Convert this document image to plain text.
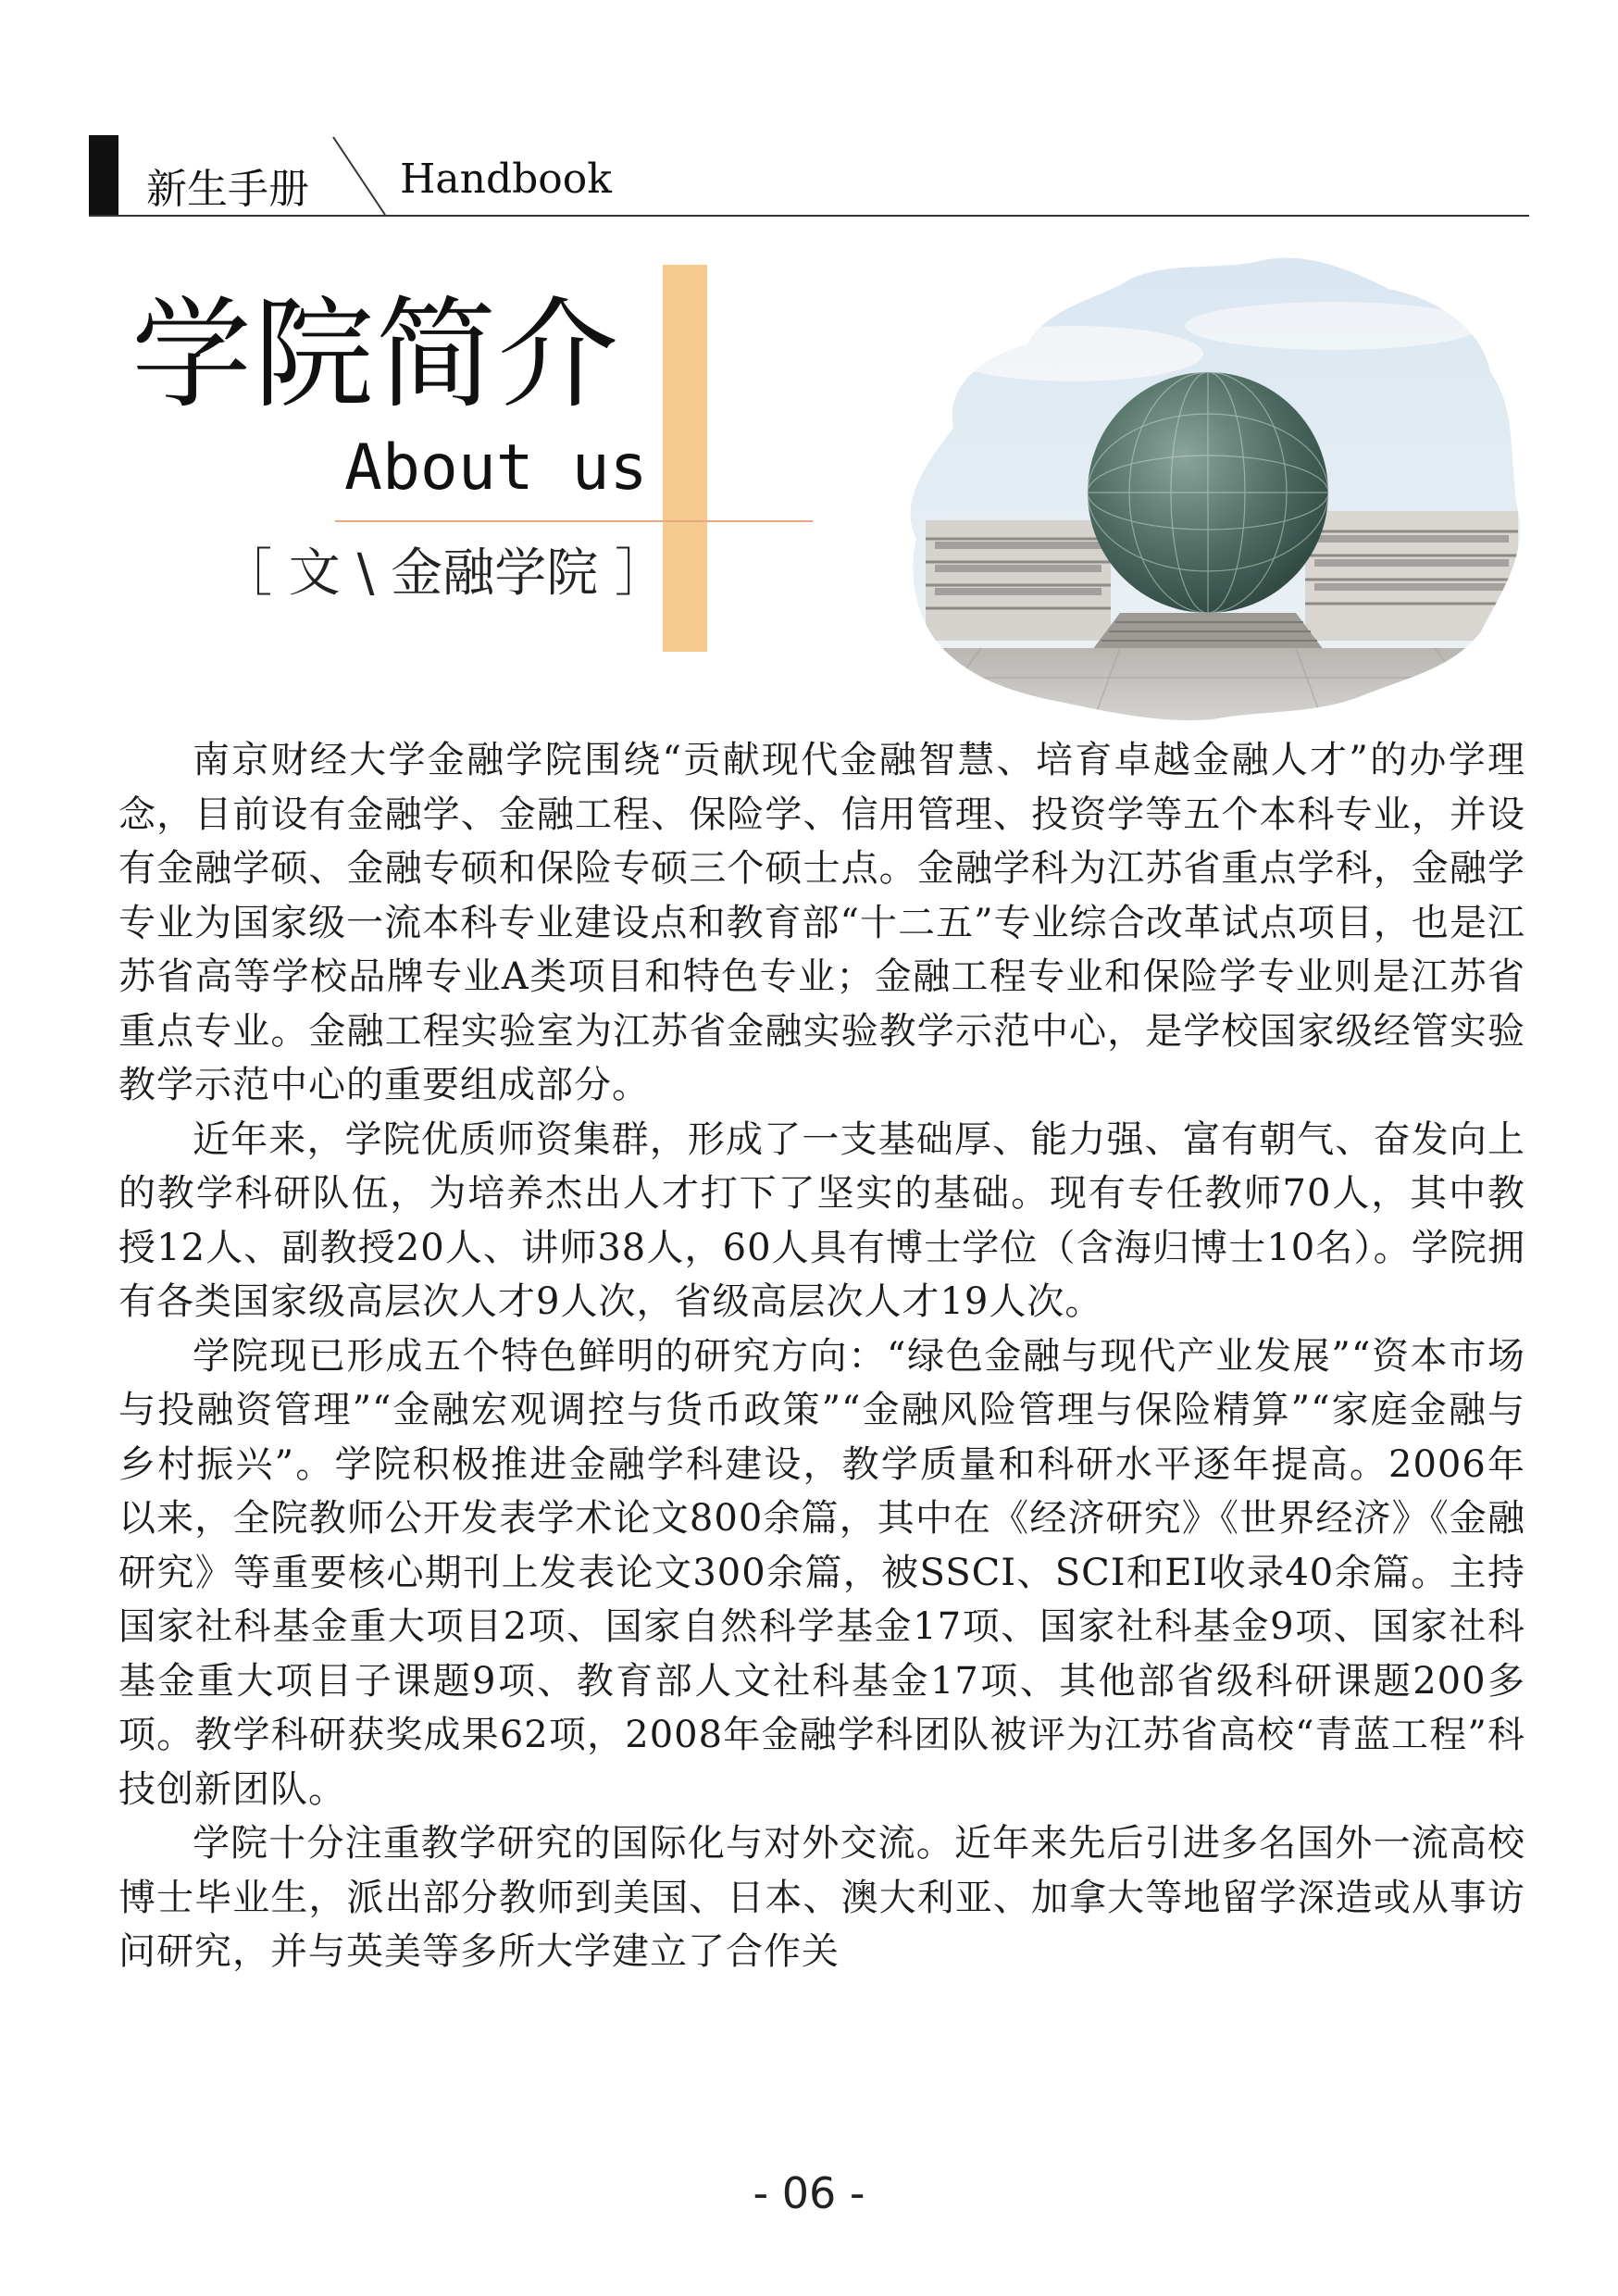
新生手册 Handbook
学院简介
About us
［ 文 \ 金融学院 ］

南京财经大学金融学院围绕“贡献现代金融智慧、培育卓越金融人才”的办学理念，目前设有金融学、金融工程、保险学、信用管理、投资学等五个本科专业，并设有金融学硕、金融专硕和保险专硕三个硕士点。金融学科为江苏省重点学科，金融学专业为国家级一流本科专业建设点和教育部“十二五”专业综合改革试点项目，也是江苏省高等学校品牌专业A类项目和特色专业；金融工程专业和保险学专业则是江苏省重点专业。金融工程实验室为江苏省金融实验教学示范中心，是学校国家级经管实验教学示范中心的重要组成部分。

近年来，学院优质师资集群，形成了一支基础厚、能力强、富有朝气、奋发向上的教学科研队伍，为培养杰出人才打下了坚实的基础。现有专任教师70人，其中教授12人、副教授20人、讲师38人，60人具有博士学位（含海归博士10名）。学院拥有各类国家级高层次人才9人次，省级高层次人才19人次。

学院现已形成五个特色鲜明的研究方向：“绿色金融与现代产业发展”“资本市场与投融资管理”“金融宏观调控与货币政策”“金融风险管理与保险精算”“家庭金融与乡村振兴”。学院积极推进金融学科建设，教学质量和科研水平逐年提高。2006年以来，全院教师公开发表学术论文800余篇，其中在《经济研究》《世界经济》《金融研究》等重要核心期刊上发表论文300余篇，被SSCI、SCI和EI收录40余篇。主持国家社科基金重大项目2项、国家自然科学基金17项、国家社科基金9项、国家社科基金重大项目子课题9项、教育部人文社科基金17项、其他部省级科研课题200多项。教学科研获奖成果62项，2008年金融学科团队被评为江苏省高校“青蓝工程”科技创新团队。

学院十分注重教学研究的国际化与对外交流。近年来先后引进多名国外一流高校博士毕业生，派出部分教师到美国、日本、澳大利亚、加拿大等地留学深造或从事访问研究，并与英美等多所大学建立了合作关

- 06 -
